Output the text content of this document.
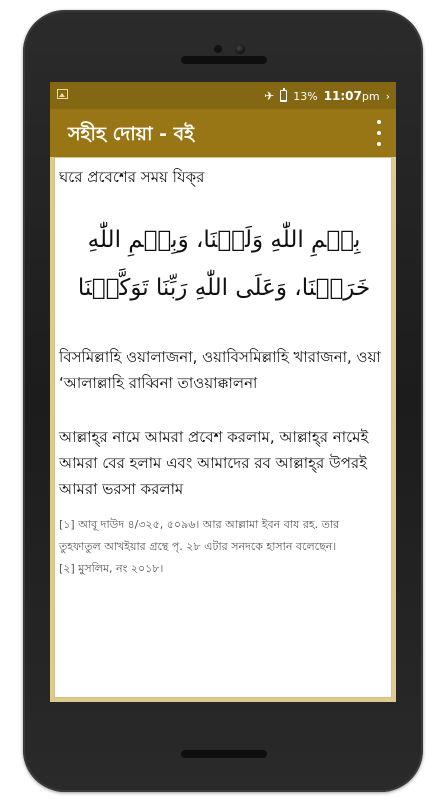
✈ 13% 11:07pm ›
সহীহ দোয়া - বই
ঘরে প্রবেশের সময় যিক্‌র
بِسۡمِ اللّٰهِ وَلَجۡنَا، وَبِسۡمِ اللّٰهِ خَرَجۡنَا، وَعَلَى اللّٰهِ رَبِّنَا تَوَكَّلۡنَا
বিসমিল্লাহি ওয়ালাজনা, ওয়াবিসমিল্লাহি খারাজনা, ওয়া ‘আলাল্লাহি রাব্বিনা তাওয়াক্কালনা
আল্লাহ্‌র নামে আমরা প্রবেশ করলাম, আল্লাহ্‌র নামেই আমরা বের হলাম এবং আমাদের রব আল্লাহ্‌র উপরই আমরা ভরসা করলাম
[১] আবূ দাউদ ৪/৩২৫, ৫০৯৬। আর আল্লামা ইবন বায রহ. তার
তুহফাতুল আখইয়ার গ্রন্থে পৃ. ২৮ এটার সনদকে হাসান বলেছেন।
[২] মুসলিম, নং ২০১৮।
